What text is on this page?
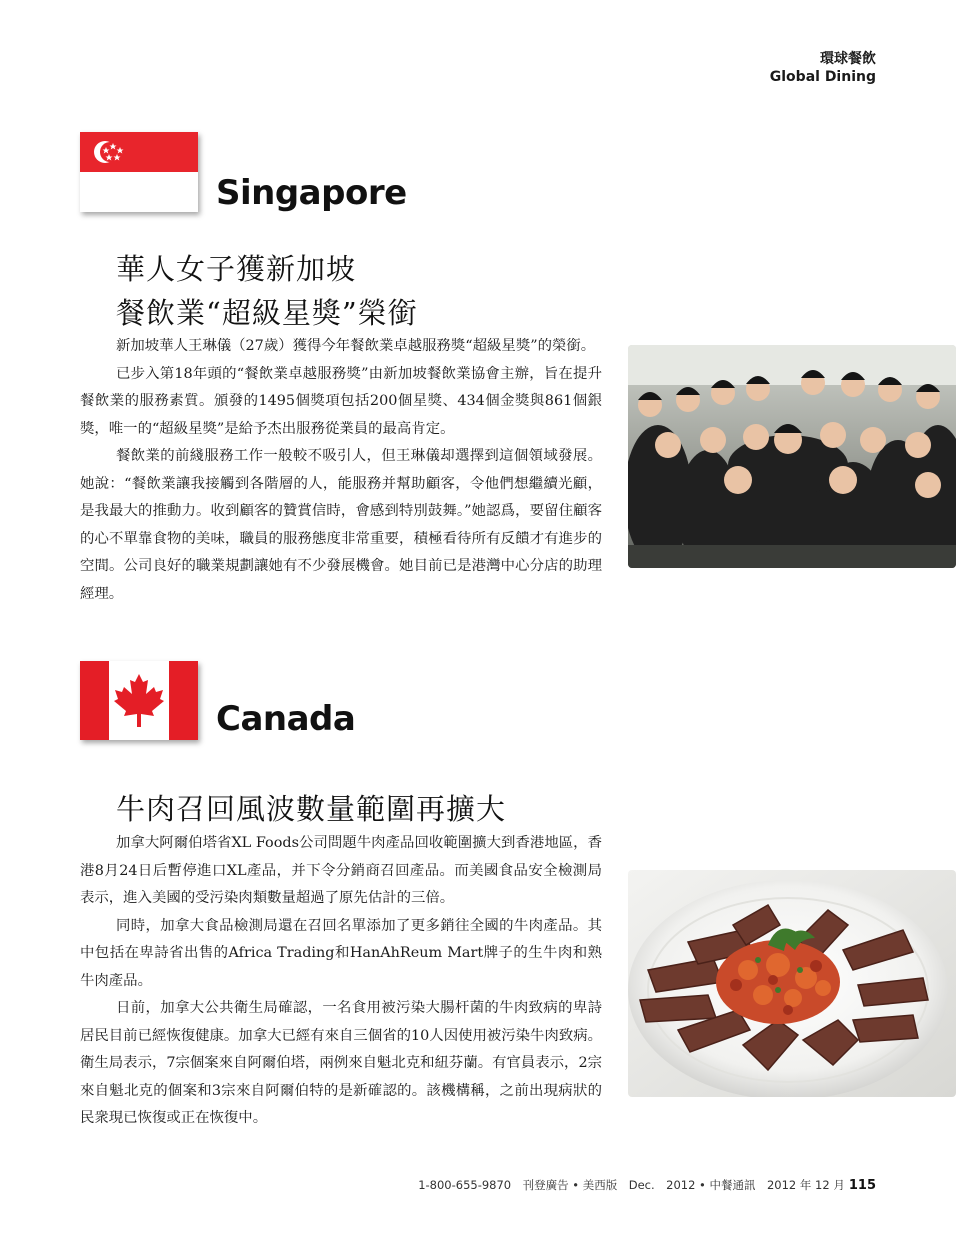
環球餐飲
Global Dining
Singapore
華人女子獲新加坡
餐飲業“超級星獎”榮銜

新加坡華人王琳儀（27歲）獲得今年餐飲業卓越服務獎“超級星獎”的榮銜。

已步入第18年頭的“餐飲業卓越服務獎”由新加坡餐飲業協會主辦，旨在提升餐飲業的服務素質。頒發的1495個獎項包括200個星獎、434個金獎與861個銀獎，唯一的“超級星獎”是給予杰出服務從業員的最高肯定。

餐飲業的前綫服務工作一般較不吸引人，但王琳儀却選擇到這個領域發展。她說：“餐飲業讓我接觸到各階層的人，能服務并幫助顧客，令他們想繼續光顧，是我最大的推動力。收到顧客的贊賞信時，會感到特別鼓舞。”她認爲，要留住顧客的心不單靠食物的美味，職員的服務態度非常重要，積極看待所有反饋才有進步的空間。公司良好的職業規劃讓她有不少發展機會。她目前已是港灣中心分店的助理經理。

Canada
牛肉召回風波數量範圍再擴大

加拿大阿爾伯塔省XL Foods公司問題牛肉產品回收範圍擴大到香港地區，香港8月24日后暫停進口XL產品，并下令分銷商召回產品。而美國食品安全檢測局表示，進入美國的受污染肉類數量超過了原先估計的三倍。

同時，加拿大食品檢測局還在召回名單添加了更多銷往全國的牛肉產品。其中包括在卑詩省出售的Africa Trading和HanAhReum Mart牌子的生牛肉和熟牛肉產品。

日前，加拿大公共衛生局確認，一名食用被污染大腸杆菌的牛肉致病的卑詩居民目前已經恢復健康。加拿大已經有來自三個省的10人因使用被污染牛肉致病。衛生局表示，7宗個案來自阿爾伯塔，兩例來自魁北克和紐芬蘭。有官員表示，2宗來自魁北克的個案和3宗來自阿爾伯特的是新確認的。該機構稱，之前出現病狀的民衆現已恢復或正在恢復中。

1-800-655-9870　刊登廣告 • 美西版　Dec.　2012 • 中餐通訊　2012 年 12 月 115
